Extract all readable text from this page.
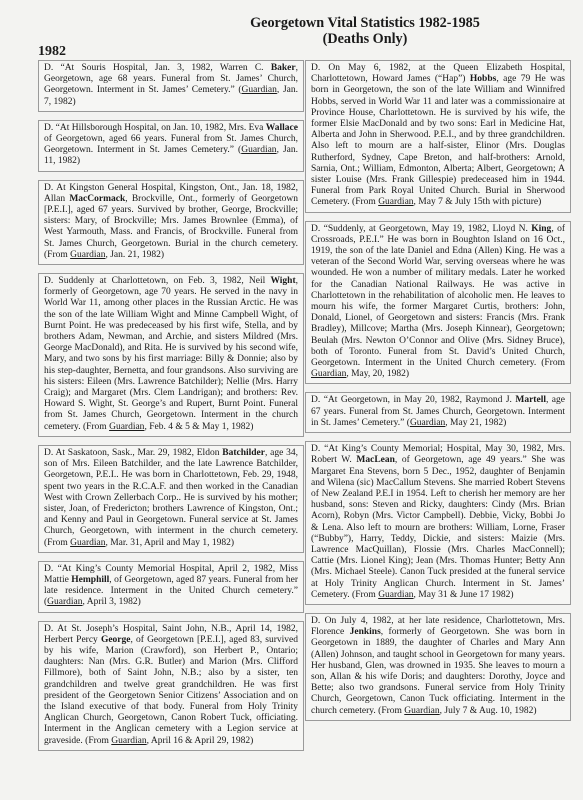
Georgetown Vital Statistics 1982-1985
(Deaths Only)
1982
D. “At Souris Hospital, Jan. 3, 1982, Warren C. Baker, Georgetown, age 68 years. Funeral from St. James’ Church, Georgetown. Interment in St. James’ Cemetery.” (Guardian, Jan. 7, 1982)
D. “At Hillsborough Hospital, on Jan. 10, 1982, Mrs. Eva Wallace of Georgetown, aged 66 years. Funeral from St. James Church, Georgetown. Interment in St. James Cemetery.” (Guardian, Jan. 11, 1982)
D. At Kingston General Hospital, Kingston, Ont., Jan. 18, 1982, Allan MacCormack, Brockville, Ont., formerly of Georgetown [P.E.I.], aged 67 years. Survived by brother, George, Brockville; sisters: Mary, of Brockville; Mrs. James Brownlee (Emma), of West Yarmouth, Mass. and Francis, of Brockville. Funeral from St. James Church, Georgetown. Burial in the church cemetery. (From Guardian, Jan. 21, 1982)
D. Suddenly at Charlottetown, on Feb. 3, 1982, Neil Wight, formerly of Georgetown, age 70 years. He served in the navy in World War 11, among other places in the Russian Arctic. He was the son of the late William Wight and Minne Campbell Wight, of Burnt Point. He was predeceased by his first wife, Stella, and by brothers Adam, Newman, and Archie, and sisters Mildred (Mrs. George MacDonald), and Rita. He is survived by his second wife, Mary, and two sons by his first marriage: Billy & Donnie; also by his step-daughter, Bernetta, and four grandsons. Also surviving are his sisters: Eileen (Mrs. Lawrence Batchilder); Nellie (Mrs. Harry Craig); and Margaret (Mrs. Clem Landrigan); and brothers: Rev. Howard S. Wight, St. George’s and Rupert, Burnt Point. Funeral from St. James Church, Georgetown. Interment in the church cemetery. (From Guardian, Feb. 4 & 5 & May 1, 1982)
D. At Saskatoon, Sask., Mar. 29, 1982, Eldon Batchilder, age 34, son of Mrs. Eileen Batchilder, and the late Lawrence Batchilder, Georgetown, P.E.I.. He was born in Charlottetown, Feb. 29, 1948, spent two years in the R.C.A.F. and then worked in the Canadian West with Crown Zellerbach Corp.. He is survived by his mother; sister, Joan, of Fredericton; brothers Lawrence of Kingston, Ont.; and Kenny and Paul in Georgetown. Funeral service at St. James Church, Georgetown, with interment in the church cemetery. (From Guardian, Mar. 31, April and May 1, 1982)
D. “At King’s County Memorial Hospital, April 2, 1982, Miss Mattie Hemphill, of Georgetown, aged 87 years. Funeral from her late residence. Interment in the United Church cemetery.” (Guardian, April 3, 1982)
D. At St. Joseph’s Hospital, Saint John, N.B., April 14, 1982, Herbert Percy George, of Georgetown [P.E.I.], aged 83, survived by his wife, Marion (Crawford), son Herbert P., Ontario; daughters: Nan (Mrs. G.R. Butler) and Marion (Mrs. Clifford Fillmore), both of Saint John, N.B.; also by a sister, ten grandchildren and twelve great grandchildren. He was first president of the Georgetown Senior Citizens’ Association and on the Island executive of that body. Funeral from Holy Trinity Anglican Church, Georgetown, Canon Robert Tuck, officiating. Interment in the Anglican cemetery with a Legion service at graveside. (From Guardian, April 16 & April 29, 1982)
D. On May 6, 1982, at the Queen Elizabeth Hospital, Charlottetown, Howard James (“Hap”) Hobbs, age 79 He was born in Georgetown, the son of the late William and Winnifred Hobbs, served in World War 11 and later was a commissionaire at Province House, Charlottetown. He is survived by his wife, the former Elsie MacDonald and by two sons: Earl in Medicine Hat, Alberta and John in Sherwood. P.E.I., and by three grandchildren. Also left to mourn are a half-sister, Elinor (Mrs. Douglas Rutherford, Sydney, Cape Breton, and half-brothers: Arnold, Sarnia, Ont.; William, Edmonton, Alberta; Albert, Georgetown; A sister Louise (Mrs. Frank Gillespie) predeceased him in 1944. Funeral from Park Royal United Church. Burial in Sherwood Cemetery. (From Guardian, May 7 & July 15th with picture)
D. “Suddenly, at Georgetown, May 19, 1982, Lloyd N. King, of Crossroads, P.E.I.” He was born in Boughton Island on 16 Oct., 1919, the son of the late Daniel and Edna (Allen) King. He was a veteran of the Second World War, serving overseas where he was wounded. He won a number of military medals. Later he worked for the Canadian National Railways. He was active in Charlottetown in the rehabilitation of alcoholic men. He leaves to mourn his wife, the former Margaret Curtis, brothers: John, Donald, Lionel, of Georgetown and sisters: Francis (Mrs. Frank Bradley), Millcove; Martha (Mrs. Joseph Kinnear), Georgetown; Beulah (Mrs. Newton O’Connor and Olive (Mrs. Sidney Bruce), both of Toronto. Funeral from St. David’s United Church, Georgetown. Interment in the United Church cemetery. (From Guardian, May, 20, 1982)
D. “At Georgetown, in May 20, 1982, Raymond J. Martell, age 67 years. Funeral from St. James Church, Georgetown. Interment in St. James’ Cemetery.” (Guardian, May 21, 1982)
D. “At King’s County Memorial; Hospital, May 30, 1982, Mrs. Robert W. MacLean, of Georgetown, age 49 years.” She was Margaret Ena Stevens, born 5 Dec., 1952, daughter of Benjamin and Wilena (sic) MacCallum Stevens. She married Robert Stevens of New Zealand P.E.I in 1954. Left to cherish her memory are her husband, sons: Steven and Ricky, daughters: Cindy (Mrs. Brian Acorn), Robyn (Mrs. Victor Campbell). Debbie, Vicky, Bobbi Jo & Lena. Also left to mourn are brothers: William, Lorne, Fraser (“Bubby”), Harry, Teddy, Dickie, and sisters: Maizie (Mrs. Lawrence MacQuillan), Flossie (Mrs. Charles MacConnell); Cattie (Mrs. Lionel King); Jean (Mrs. Thomas Hunter; Betty Ann (Mrs. Michael Steele). Canon Tuck presided at the funeral service at Holy Trinity Anglican Church. Interment in St. James’ Cemetery. (From Guardian, May 31 & June 17 1982)
D. On July 4, 1982, at her late residence, Charlottetown, Mrs. Florence Jenkins, formerly of Georgetown. She was born in Georgetown in 1889, the daughter of Charles and Mary Ann (Allen) Johnson, and taught school in Georgetown for many years. Her husband, Glen, was drowned in 1935. She leaves to mourn a son, Allan & his wife Doris; and daughters: Dorothy, Joyce and Bette; also two grandsons. Funeral service from Holy Trinity Church, Georgetown, Canon Tuck officiating. Interment in the church cemetery. (From Guardian, July 7 & Aug. 10, 1982)
